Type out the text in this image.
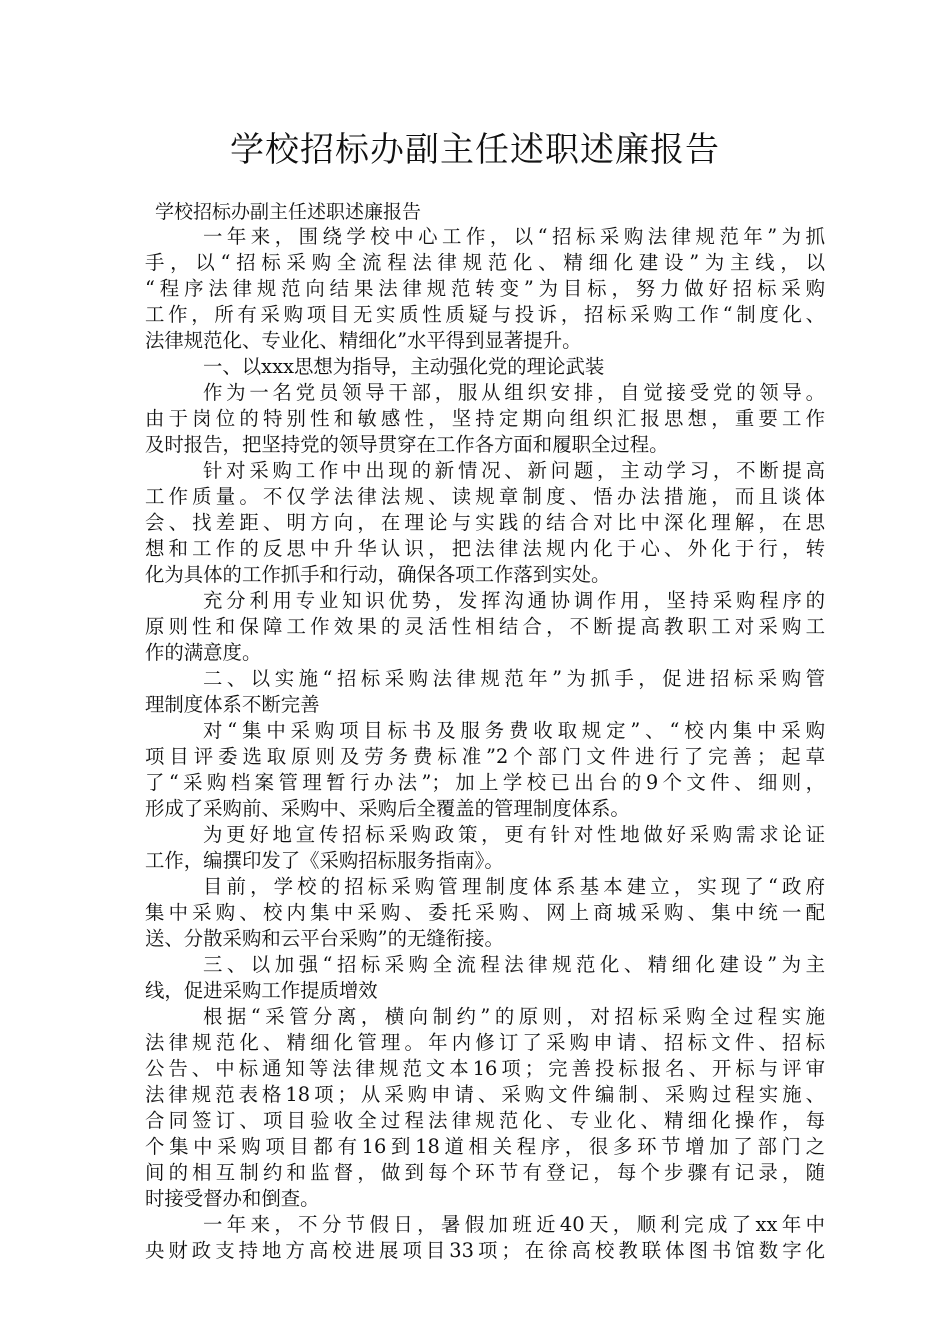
学校招标办副主任述职述廉报告
学校招标办副主任述职述廉报告
一年来，围绕学校中心工作，以“招标采购法律规范年”为抓
手，以“招标采购全流程法律规范化、精细化建设”为主线，以
“程序法律规范向结果法律规范转变”为目标，努力做好招标采购
工作，所有采购项目无实质性质疑与投诉，招标采购工作“制度化、
法律规范化、专业化、精细化”水平得到显著提升。
一、以xxx思想为指导，主动强化党的理论武装
作为一名党员领导干部，服从组织安排，自觉接受党的领导。
由于岗位的特别性和敏感性，坚持定期向组织汇报思想，重要工作
及时报告，把坚持党的领导贯穿在工作各方面和履职全过程。
针对采购工作中出现的新情况、新问题，主动学习，不断提高
工作质量。不仅学法律法规、读规章制度、悟办法措施，而且谈体
会、找差距、明方向，在理论与实践的结合对比中深化理解，在思
想和工作的反思中升华认识，把法律法规内化于心、外化于行，转
化为具体的工作抓手和行动，确保各项工作落到实处。
充分利用专业知识优势，发挥沟通协调作用，坚持采购程序的
原则性和保障工作效果的灵活性相结合，不断提高教职工对采购工
作的满意度。
二、以实施“招标采购法律规范年”为抓手，促进招标采购管
理制度体系不断完善
对“集中采购项目标书及服务费收取规定”、“校内集中采购
项目评委选取原则及劳务费标准”2个部门文件进行了完善；起草
了“采购档案管理暂行办法”；加上学校已出台的9个文件、细则，
形成了采购前、采购中、采购后全覆盖的管理制度体系。
为更好地宣传招标采购政策，更有针对性地做好采购需求论证
工作，编撰印发了《采购招标服务指南》。
目前，学校的招标采购管理制度体系基本建立，实现了“政府
集中采购、校内集中采购、委托采购、网上商城采购、集中统一配
送、分散采购和云平台采购”的无缝衔接。
三、以加强“招标采购全流程法律规范化、精细化建设”为主
线，促进采购工作提质增效
根据“采管分离，横向制约”的原则，对招标采购全过程实施
法律规范化、精细化管理。年内修订了采购申请、招标文件、招标
公告、中标通知等法律规范文本16项；完善投标报名、开标与评审
法律规范表格18项；从采购申请、采购文件编制、采购过程实施、
合同签订、项目验收全过程法律规范化、专业化、精细化操作，每
个集中采购项目都有16到18道相关程序，很多环节增加了部门之
间的相互制约和监督，做到每个环节有登记，每个步骤有记录，随
时接受督办和倒查。
一年来，不分节假日，暑假加班近40天，顺利完成了xx年中
央财政支持地方高校进展项目33项；在徐高校教联体图书馆数字化
